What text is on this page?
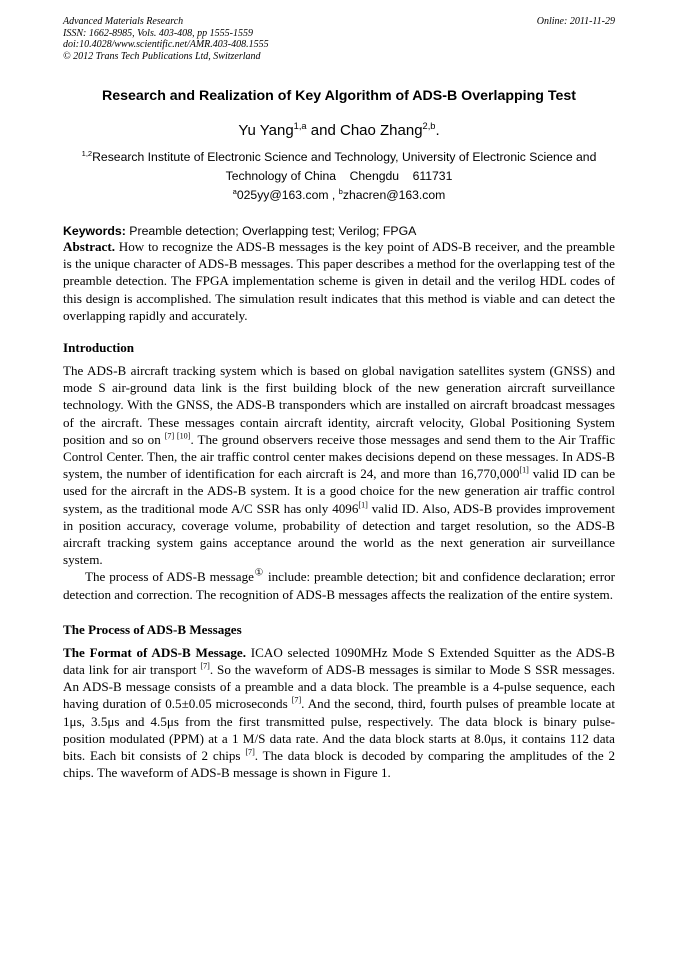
Advanced Materials Research
ISSN: 1662-8985, Vols. 403-408, pp 1555-1559
doi:10.4028/www.scientific.net/AMR.403-408.1555
© 2012 Trans Tech Publications Ltd, Switzerland
Online: 2011-11-29
Research and Realization of Key Algorithm of ADS-B Overlapping Test
Yu Yang$^{1,a}$ and Chao Zhang$^{2,b}$.
$^{1,2}$Research Institute of Electronic Science and Technology, University of Electronic Science and
Technology of China    Chengdu    611731
$^a$025yy@163.com , $^b$zhacren@163.com
Keywords: Preamble detection; Overlapping test; Verilog; FPGA

Abstract. How to recognize the ADS-B messages is the key point of ADS-B receiver, and the preamble is the unique character of ADS-B messages. This paper describes a method for the overlapping test of the preamble detection. The FPGA implementation scheme is given in detail and the verilog HDL codes of this design is accomplished. The simulation result indicates that this method is viable and can detect the overlapping rapidly and accurately.

Introduction

The ADS-B aircraft tracking system which is based on global navigation satellites system (GNSS) and mode S air-ground data link is the first building block of the new generation aircraft surveillance technology. With the GNSS, the ADS-B transponders which are installed on aircraft broadcast messages of the aircraft. These messages contain aircraft identity, aircraft velocity, Global Positioning System position and so on [7] [10]. The ground observers receive those messages and send them to the Air Traffic Control Center. Then, the air traffic control center makes decisions depend on these messages. In ADS-B system, the number of identification for each aircraft is 24, and more than 16,770,000[1] valid ID can be used for the aircraft in the ADS-B system. It is a good choice for the new generation air traffic control system, as the traditional mode A/C SSR has only 4096[1] valid ID. Also, ADS-B provides improvement in position accuracy, coverage volume, probability of detection and target resolution, so the ADS-B aircraft tracking system gains acceptance around the world as the next generation air surveillance system.

The process of ADS-B message① include: preamble detection; bit and confidence declaration; error detection and correction. The recognition of ADS-B messages affects the realization of the entire system.

The Process of ADS-B Messages

The Format of ADS-B Message. ICAO selected 1090MHz Mode S Extended Squitter as the ADS-B data link for air transport [7]. So the waveform of ADS-B messages is similar to Mode S SSR messages. An ADS-B message consists of a preamble and a data block. The preamble is a 4-pulse sequence, each having duration of 0.5±0.05 microseconds [7]. And the second, third, fourth pulses of preamble locate at 1μs, 3.5μs and 4.5μs from the first transmitted pulse, respectively. The data block is binary pulse-position modulated (PPM) at a 1 M/S data rate. And the data block starts at 8.0μs, it contains 112 data bits. Each bit consists of 2 chips [7]. The data block is decoded by comparing the amplitudes of the 2 chips. The waveform of ADS-B message is shown in Figure 1.
